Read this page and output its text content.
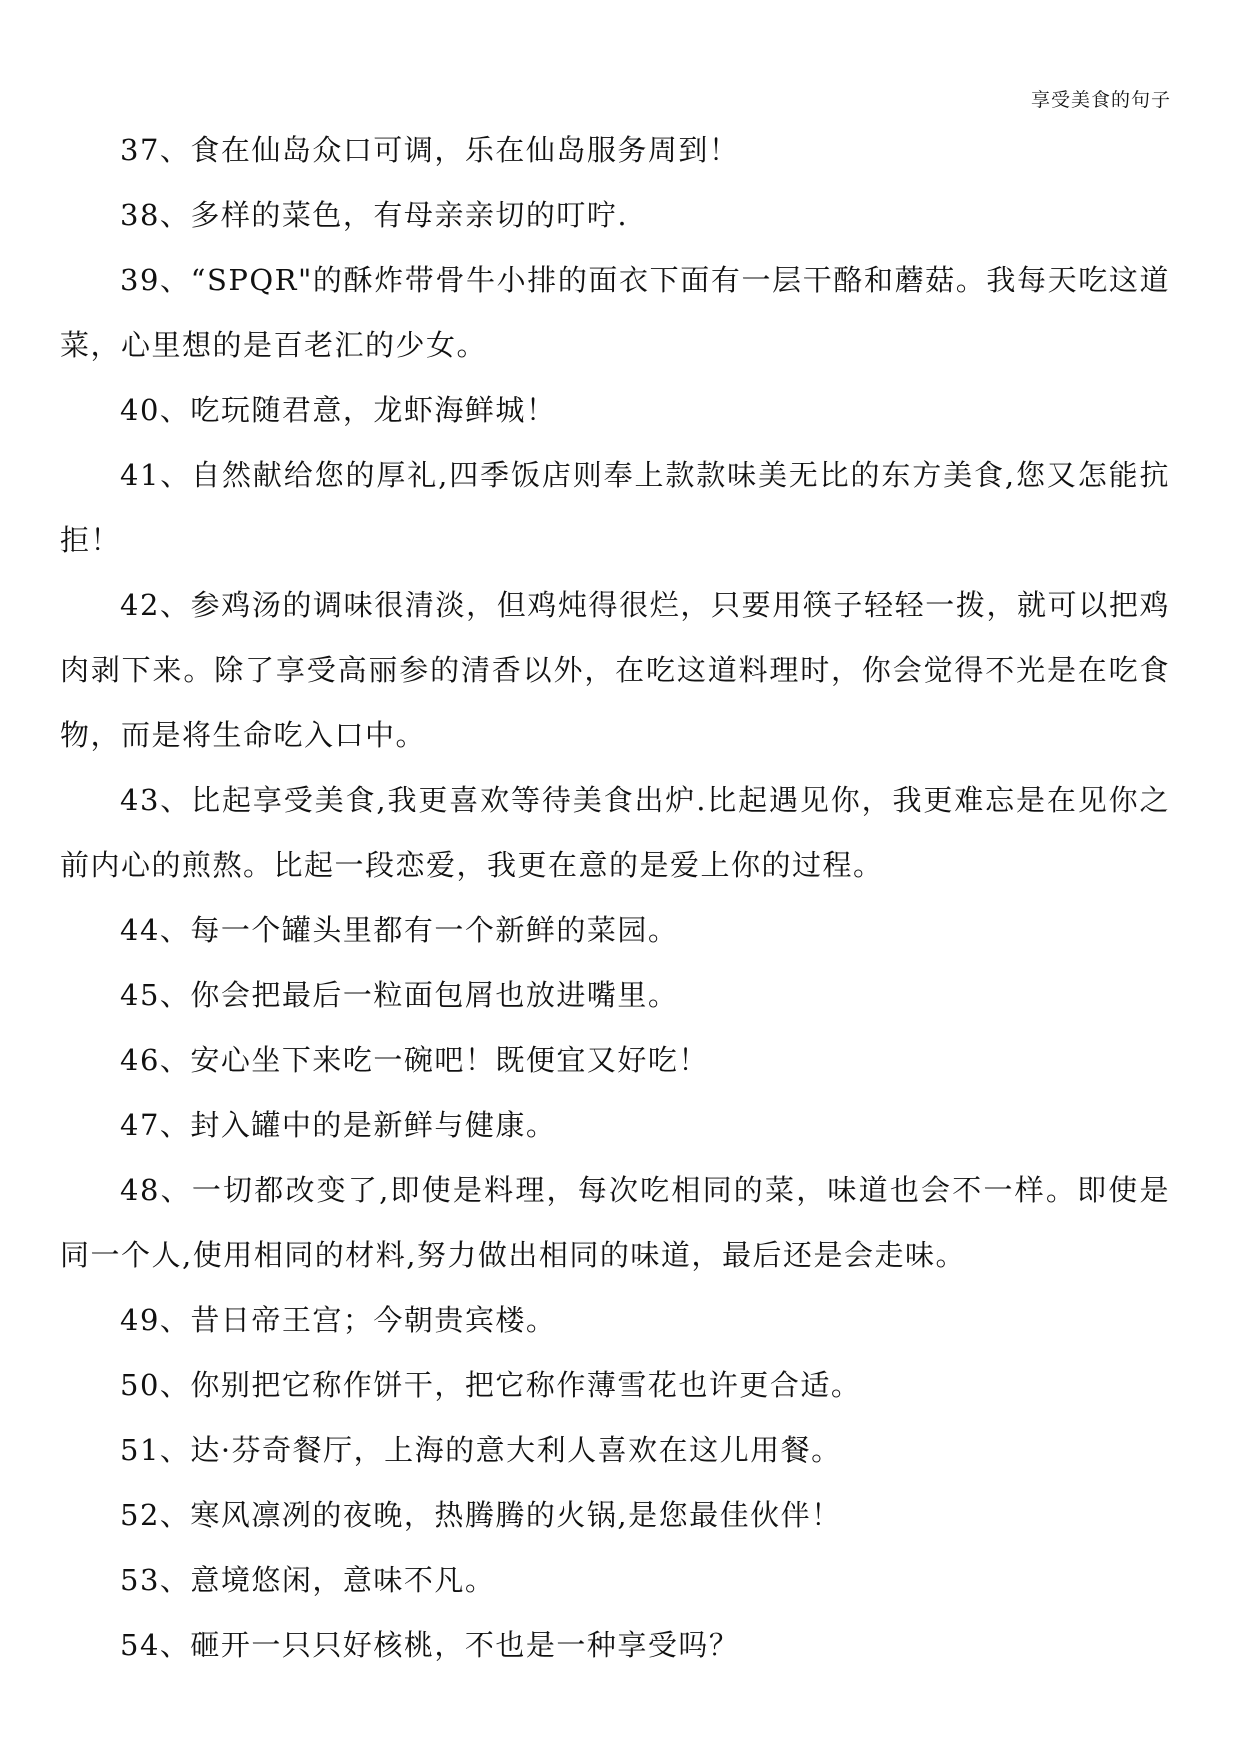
享受美食的句子

37、食在仙岛众口可调，乐在仙岛服务周到！

38、多样的菜色，有母亲亲切的叮咛.

39、“SPQR"的酥炸带骨牛小排的面衣下面有一层干酪和蘑菇。我每天吃这道菜，心里想的是百老汇的少女。

40、吃玩随君意，龙虾海鲜城！

41、自然献给您的厚礼,四季饭店则奉上款款味美无比的东方美食,您又怎能抗拒！

42、参鸡汤的调味很清淡，但鸡炖得很烂，只要用筷子轻轻一拨，就可以把鸡肉剥下来。除了享受高丽参的清香以外，在吃这道料理时，你会觉得不光是在吃食物，而是将生命吃入口中。

43、比起享受美食,我更喜欢等待美食出炉.比起遇见你，我更难忘是在见你之前内心的煎熬。比起一段恋爱，我更在意的是爱上你的过程。

44、每一个罐头里都有一个新鲜的菜园。

45、你会把最后一粒面包屑也放进嘴里。

46、安心坐下来吃一碗吧！既便宜又好吃！

47、封入罐中的是新鲜与健康。

48、一切都改变了,即使是料理，每次吃相同的菜，味道也会不一样。即使是同一个人,使用相同的材料,努力做出相同的味道，最后还是会走味。

49、昔日帝王宫；今朝贵宾楼。

50、你别把它称作饼干，把它称作薄雪花也许更合适。

51、达·芬奇餐厅，上海的意大利人喜欢在这儿用餐。

52、寒风凛冽的夜晚，热腾腾的火锅,是您最佳伙伴！

53、意境悠闲，意味不凡。

54、砸开一只只好核桃，不也是一种享受吗？
